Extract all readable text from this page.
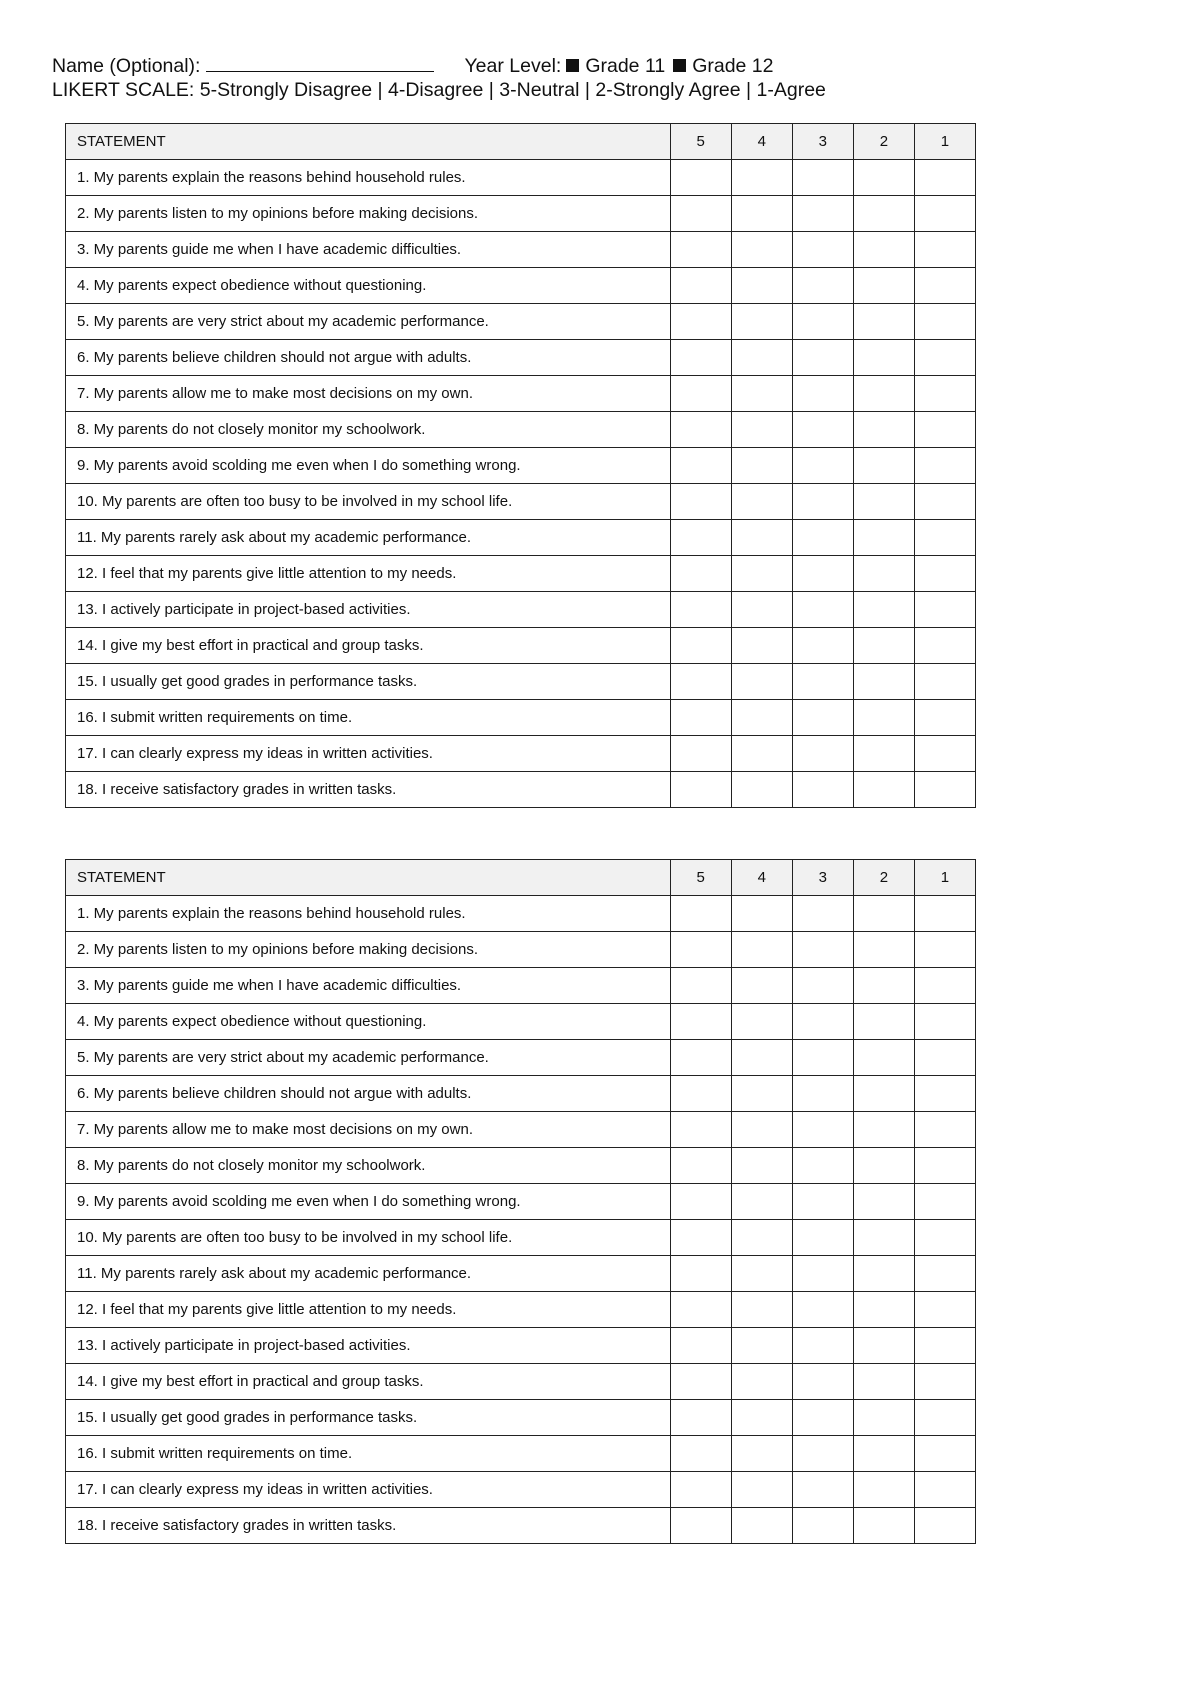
Name (Optional):	Year Level: Grade 11 Grade 12
LIKERT SCALE: 5-Strongly Disagree | 4-Disagree | 3-Neutral | 2-Strongly Agree | 1-Agree
STATEMENT	5	4	3	2	1
1. My parents explain the reasons behind household rules.					
2. My parents listen to my opinions before making decisions.					
3. My parents guide me when I have academic difficulties.					
4. My parents expect obedience without questioning.					
5. My parents are very strict about my academic performance.					
6. My parents believe children should not argue with adults.					
7. My parents allow me to make most decisions on my own.					
8. My parents do not closely monitor my schoolwork.					
9. My parents avoid scolding me even when I do something wrong.					
10. My parents are often too busy to be involved in my school life.					
11. My parents rarely ask about my academic performance.					
12. I feel that my parents give little attention to my needs.					
13. I actively participate in project-based activities.					
14. I give my best effort in practical and group tasks.					
15. I usually get good grades in performance tasks.					
16. I submit written requirements on time.					
17. I can clearly express my ideas in written activities.					
18. I receive satisfactory grades in written tasks.					
STATEMENT	5	4	3	2	1
1. My parents explain the reasons behind household rules.					
2. My parents listen to my opinions before making decisions.					
3. My parents guide me when I have academic difficulties.					
4. My parents expect obedience without questioning.					
5. My parents are very strict about my academic performance.					
6. My parents believe children should not argue with adults.					
7. My parents allow me to make most decisions on my own.					
8. My parents do not closely monitor my schoolwork.					
9. My parents avoid scolding me even when I do something wrong.					
10. My parents are often too busy to be involved in my school life.					
11. My parents rarely ask about my academic performance.					
12. I feel that my parents give little attention to my needs.					
13. I actively participate in project-based activities.					
14. I give my best effort in practical and group tasks.					
15. I usually get good grades in performance tasks.					
16. I submit written requirements on time.					
17. I can clearly express my ideas in written activities.					
18. I receive satisfactory grades in written tasks.					
